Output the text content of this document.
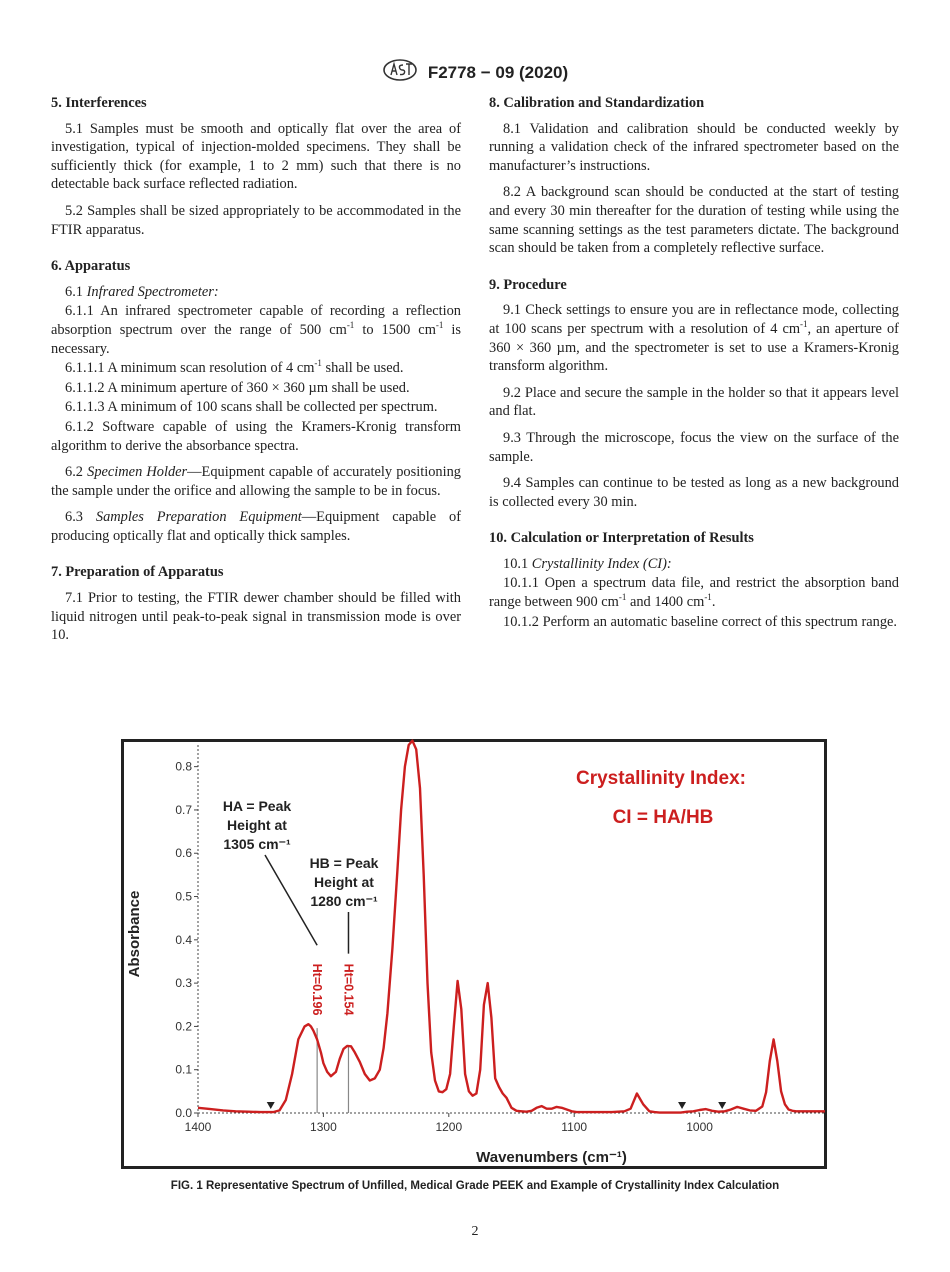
F2778 − 09 (2020)
5. Interferences

5.1 Samples must be smooth and optically flat over the area of investigation, typical of injection-molded specimens. They shall be sufficiently thick (for example, 1 to 2 mm) such that there is no detectable back surface reflected radiation.

5.2 Samples shall be sized appropriately to be accommodated in the FTIR apparatus.

6. Apparatus

6.1 Infrared Spectrometer:

6.1.1 An infrared spectrometer capable of recording a reflection absorption spectrum over the range of 500 $cm^{-1}$ to 1500 $cm^{-1}$ is necessary.

6.1.1.1 A minimum scan resolution of 4 $cm^{-1}$ shall be used.

6.1.1.2 A minimum aperture of 360 × 360 µm shall be used.

6.1.1.3 A minimum of 100 scans shall be collected per spectrum.

6.1.2 Software capable of using the Kramers-Kronig transform algorithm to derive the absorbance spectra.

6.2 Specimen Holder—Equipment capable of accurately positioning the sample under the orifice and allowing the sample to be in focus.

6.3 Samples Preparation Equipment—Equipment capable of producing optically flat and optically thick samples.

7. Preparation of Apparatus

7.1 Prior to testing, the FTIR dewer chamber should be filled with liquid nitrogen until peak-to-peak signal in transmission mode is over 10.

8. Calibration and Standardization

8.1 Validation and calibration should be conducted weekly by running a validation check of the infrared spectrometer based on the manufacturer’s instructions.

8.2 A background scan should be conducted at the start of testing and every 30 min thereafter for the duration of testing while using the same scanning settings as the test parameters dictate. The background scan should be taken from a completely reflective surface.

9. Procedure

9.1 Check settings to ensure you are in reflectance mode, collecting at 100 scans per spectrum with a resolution of 4 $cm^{-1}$, an aperture of 360 × 360 µm, and the spectrometer is set to use a Kramers-Kronig transform algorithm.

9.2 Place and secure the sample in the holder so that it appears level and flat.

9.3 Through the microscope, focus the view on the surface of the sample.

9.4 Samples can continue to be tested as long as a new background is collected every 30 min.

10. Calculation or Interpretation of Results

10.1 Crystallinity Index (CI):

10.1.1 Open a spectrum data file, and restrict the absorption band range between 900 $cm^{-1}$ and 1400 $cm^{-1}$.

10.1.2 Perform an automatic baseline correct of this spectrum range.

0.0
0.1
0.2
0.3
0.4
0.5
0.6
0.7
0.8
1400	1300	1200	1100	1000
Wavenumbers (cm⁻¹)
Absorbance
Ht=0.196 Ht=0.154
HA = Peak
Height at
1305 cm⁻¹
HB = Peak
Height at
1280 cm⁻¹
Crystallinity Index:
CI = HA/HB
FIG. 1 Representative Spectrum of Unfilled, Medical Grade PEEK and Example of Crystallinity Index Calculation
2
